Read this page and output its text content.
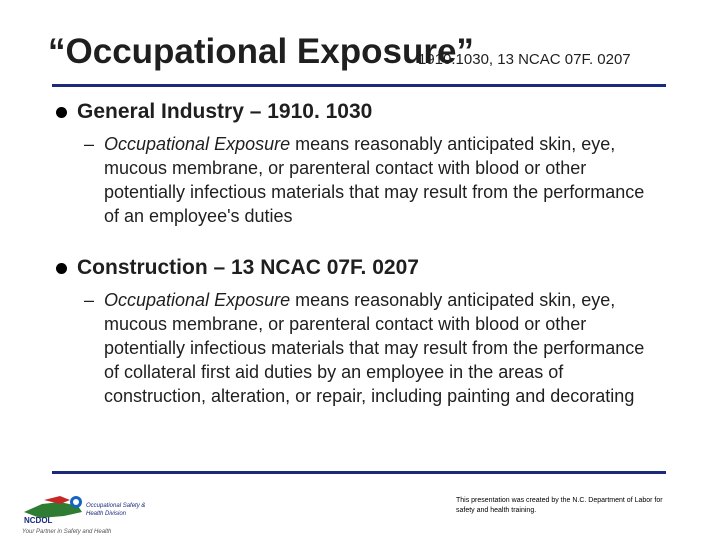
“Occupational Exposure”
1910.1030, 13 NCAC 07F. 0207
General Industry – 1910. 1030
– Occupational Exposure means reasonably anticipated skin, eye, mucous membrane, or parenteral contact with blood or other potentially infectious materials that may result from the performance of an employee's duties
Construction – 13 NCAC 07F. 0207
– Occupational Exposure means reasonably anticipated skin, eye, mucous membrane, or parenteral contact with blood or other potentially infectious materials that may result from the performance of collateral first aid duties by an employee in the areas of construction, alteration, or repair, including painting and decorating
NCDOL
Occupational Safety & Health Division
Your Partner in Safety and Health
This presentation was created by the N.C. Department of Labor for safety and health training.
